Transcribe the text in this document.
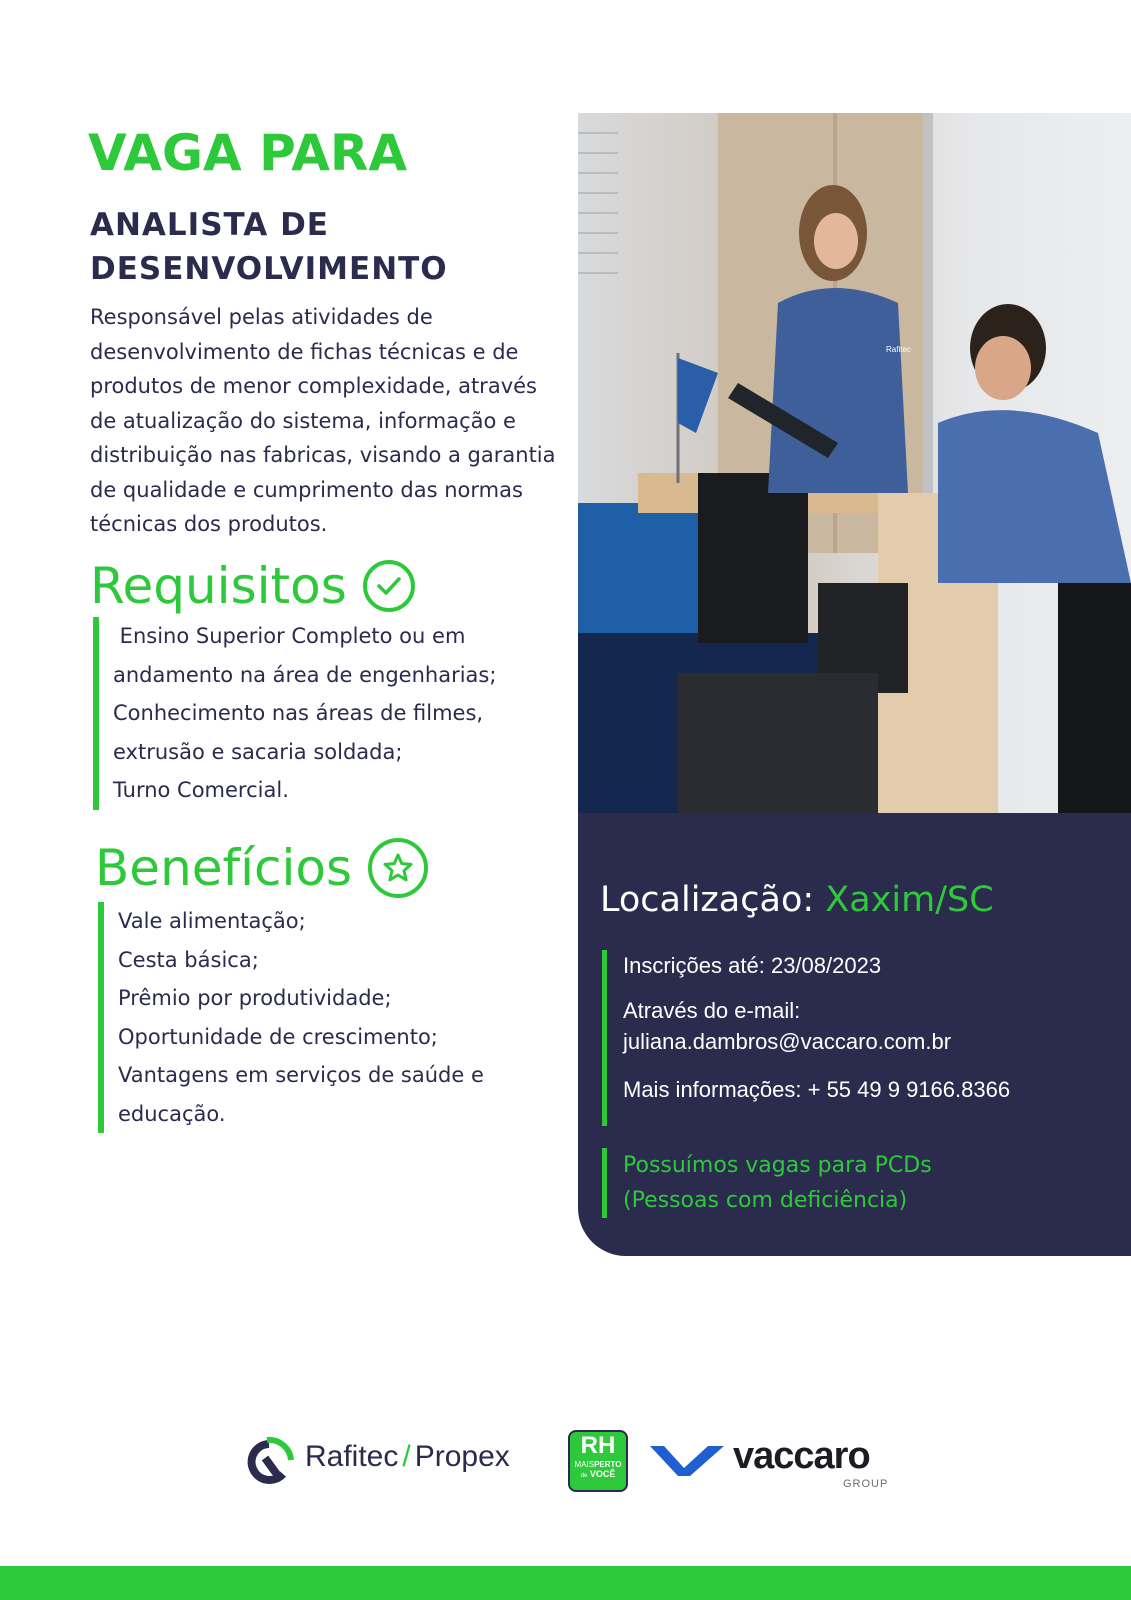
VAGA PARA
ANALISTA DE
DESENVOLVIMENTO
Responsável pelas atividades de desenvolvimento de fichas técnicas e de produtos de menor complexidade, através de atualização do sistema, informação e distribuição nas fabricas, visando a garantia de qualidade e cumprimento das normas técnicas dos produtos.
Requisitos
Ensino Superior Completo ou em
andamento na área de engenharias;
Conhecimento nas áreas de filmes,
extrusão e sacaria soldada;
Turno Comercial.
Benefícios
Vale alimentação;
Cesta básica;
Prêmio por produtividade;
Oportunidade de crescimento;
Vantagens em serviços de saúde e
educação.
Rafitec
Localização: Xaxim/SC
Inscrições até: 23/08/2023
Através do e-mail:
juliana.dambros@vaccaro.com.br
Mais informações: + 55 49 9 9166.8366
Possuímos vagas para PCDs
(Pessoas com deficiência)
Rafitec / Propex	RH
MAISPERTO
de VOCÊ	vaccaro
GROUP
